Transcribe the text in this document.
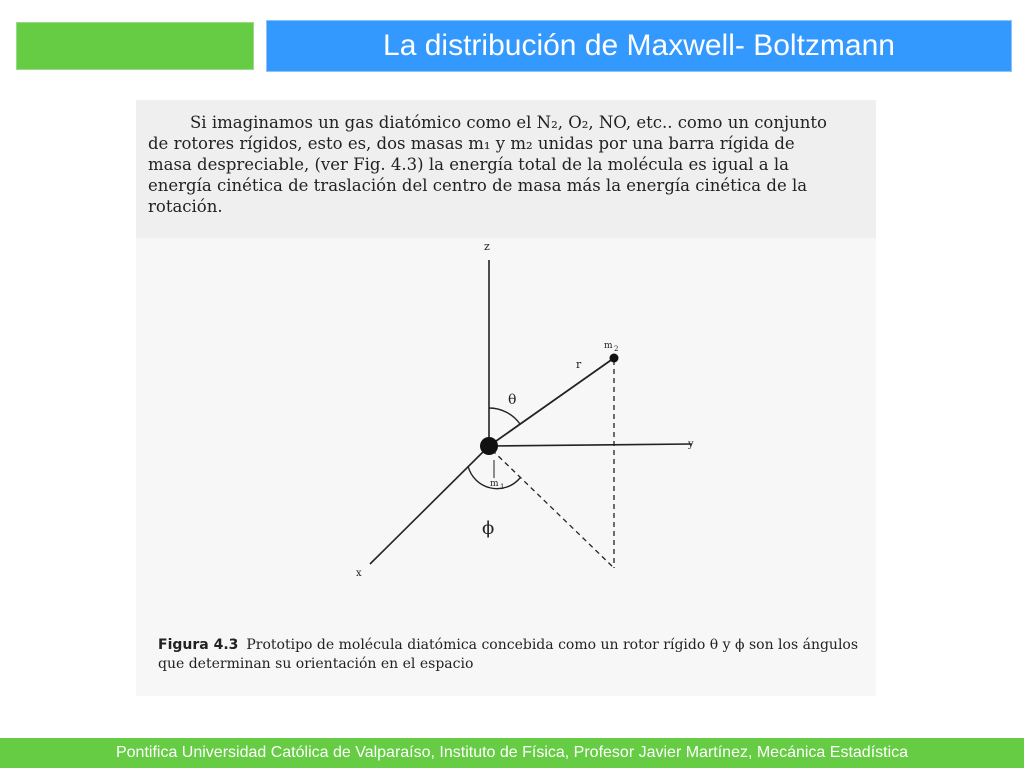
La distribución de Maxwell- Boltzmann

Si imaginamos un gas diatómico como el N₂, O₂, NO, etc.. como un conjunto
de rotores rígidos, esto es, dos masas m₁ y m₂ unidas por una barra rígida de
masa despreciable, (ver Fig. 4.3) la energía total de la molécula es igual a la
energía cinética de traslación del centro de masa más la energía cinética de la
rotación.

z
y
x
θ
ϕ
r
m 2
m 1
Figura 4.3 Prototipo de molécula diatómica concebida como un rotor rígido θ y ϕ son los ángulos que determinan su orientación en el espacio
Pontifica Universidad Católica de Valparaíso, Instituto de Física, Profesor Javier Martínez, Mecánica Estadística
